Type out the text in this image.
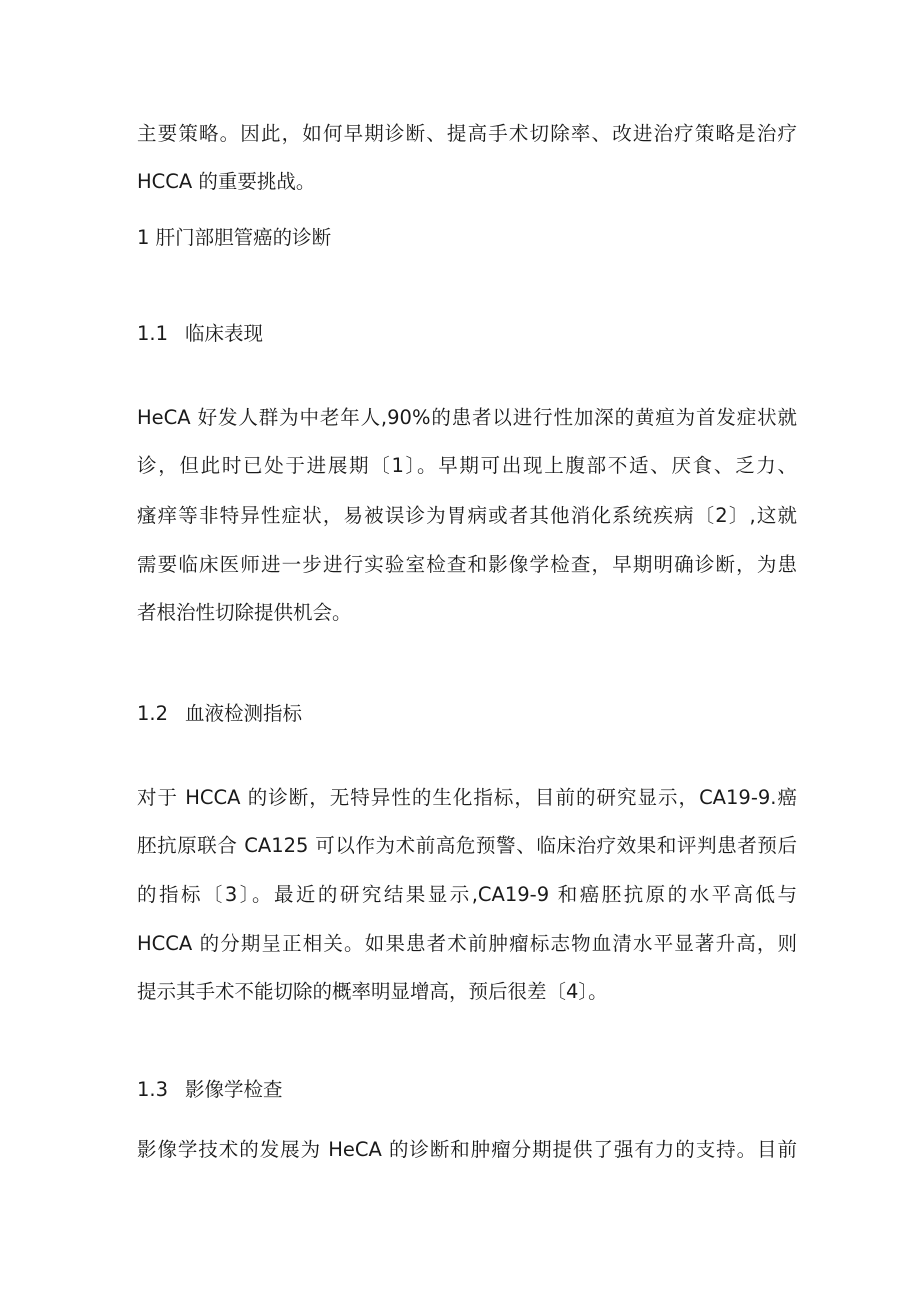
主要策略。因此，如何早期诊断、提高手术切除率、改进治疗策略是治疗
HCCA 的重要挑战。
1 肝门部胆管癌的诊断
1.1 临床表现
HeCA 好发人群为中老年人,90%的患者以进行性加深的黄疸为首发症状就
诊，但此时已处于进展期〔1〕。早期可出现上腹部不适、厌食、乏力、
瘙痒等非特异性症状，易被误诊为胃病或者其他消化系统疾病〔2〕,这就
需要临床医师进一步进行实验室检查和影像学检查，早期明确诊断，为患
者根治性切除提供机会。
1.2 血液检测指标
对于 HCCA 的诊断，无特异性的生化指标，目前的研究显示，CA19-9.癌
胚抗原联合 CA125 可以作为术前高危预警、临床治疗效果和评判患者预后
的指标〔3〕。最近的研究结果显示,CA19-9 和癌胚抗原的水平高低与
HCCA 的分期呈正相关。如果患者术前肿瘤标志物血清水平显著升高，则
提示其手术不能切除的概率明显增高，预后很差〔4〕。
1.3 影像学检查
影像学技术的发展为 HeCA 的诊断和肿瘤分期提供了强有力的支持。目前
